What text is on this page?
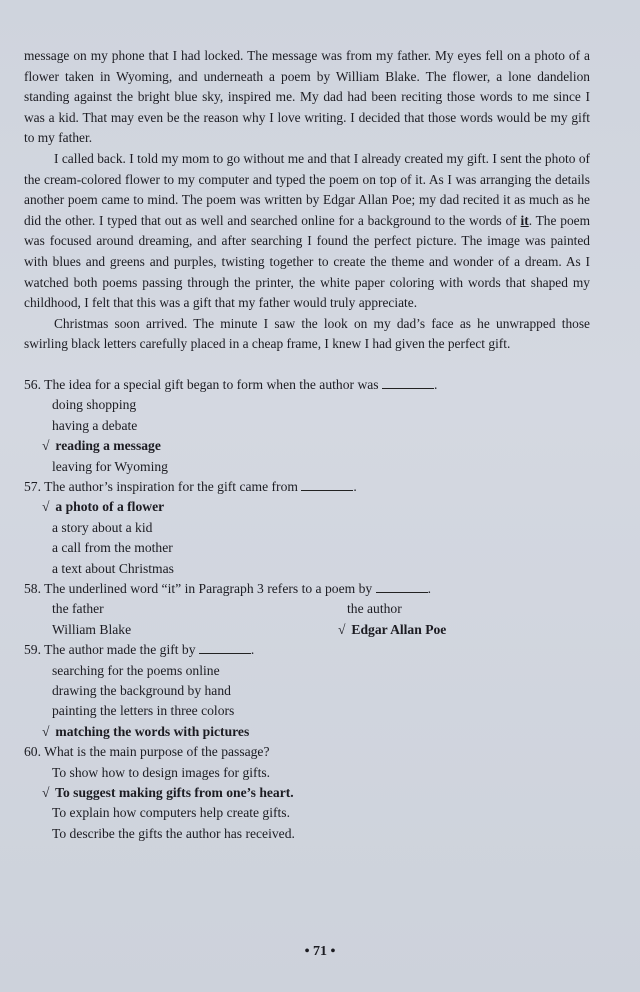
message on my phone that I had locked. The message was from my father. My eyes fell on a photo of a flower taken in Wyoming, and underneath a poem by William Blake. The flower, a lone dandelion standing against the bright blue sky, inspired me. My dad had been reciting those words to me since I was a kid. That may even be the reason why I love writing. I decided that those words would be my gift to my father.

I called back. I told my mom to go without me and that I already created my gift. I sent the photo of the cream-colored flower to my computer and typed the poem on top of it. As I was arranging the details another poem came to mind. The poem was written by Edgar Allan Poe; my dad recited it as much as he did the other. I typed that out as well and searched online for a background to the words of it. The poem was focused around dreaming, and after searching I found the perfect picture. The image was painted with blues and greens and purples, twisting together to create the theme and wonder of a dream. As I watched both poems passing through the printer, the white paper coloring with words that shaped my childhood, I felt that this was a gift that my father would truly appreciate.

Christmas soon arrived. The minute I saw the look on my dad’s face as he unwrapped those swirling black letters carefully placed in a cheap frame, I knew I had given the perfect gift.

56. The idea for a special gift began to form when the author was	.
doing shopping
having a debate
√ reading a message
leaving for Wyoming
57. The author’s inspiration for the gift came from	.
√ a photo of a flower
a story about a kid
a call from the mother
a text about Christmas
58. The underlined word “it” in Paragraph 3 refers to a poem by	.
the father
William Blake
the author
√ Edgar Allan Poe
59. The author made the gift by	.
searching for the poems online
drawing the background by hand
painting the letters in three colors
√ matching the words with pictures
60. What is the main purpose of the passage?
To show how to design images for gifts.
√ To suggest making gifts from one’s heart.
To explain how computers help create gifts.
To describe the gifts the author has received.
• 71 •
